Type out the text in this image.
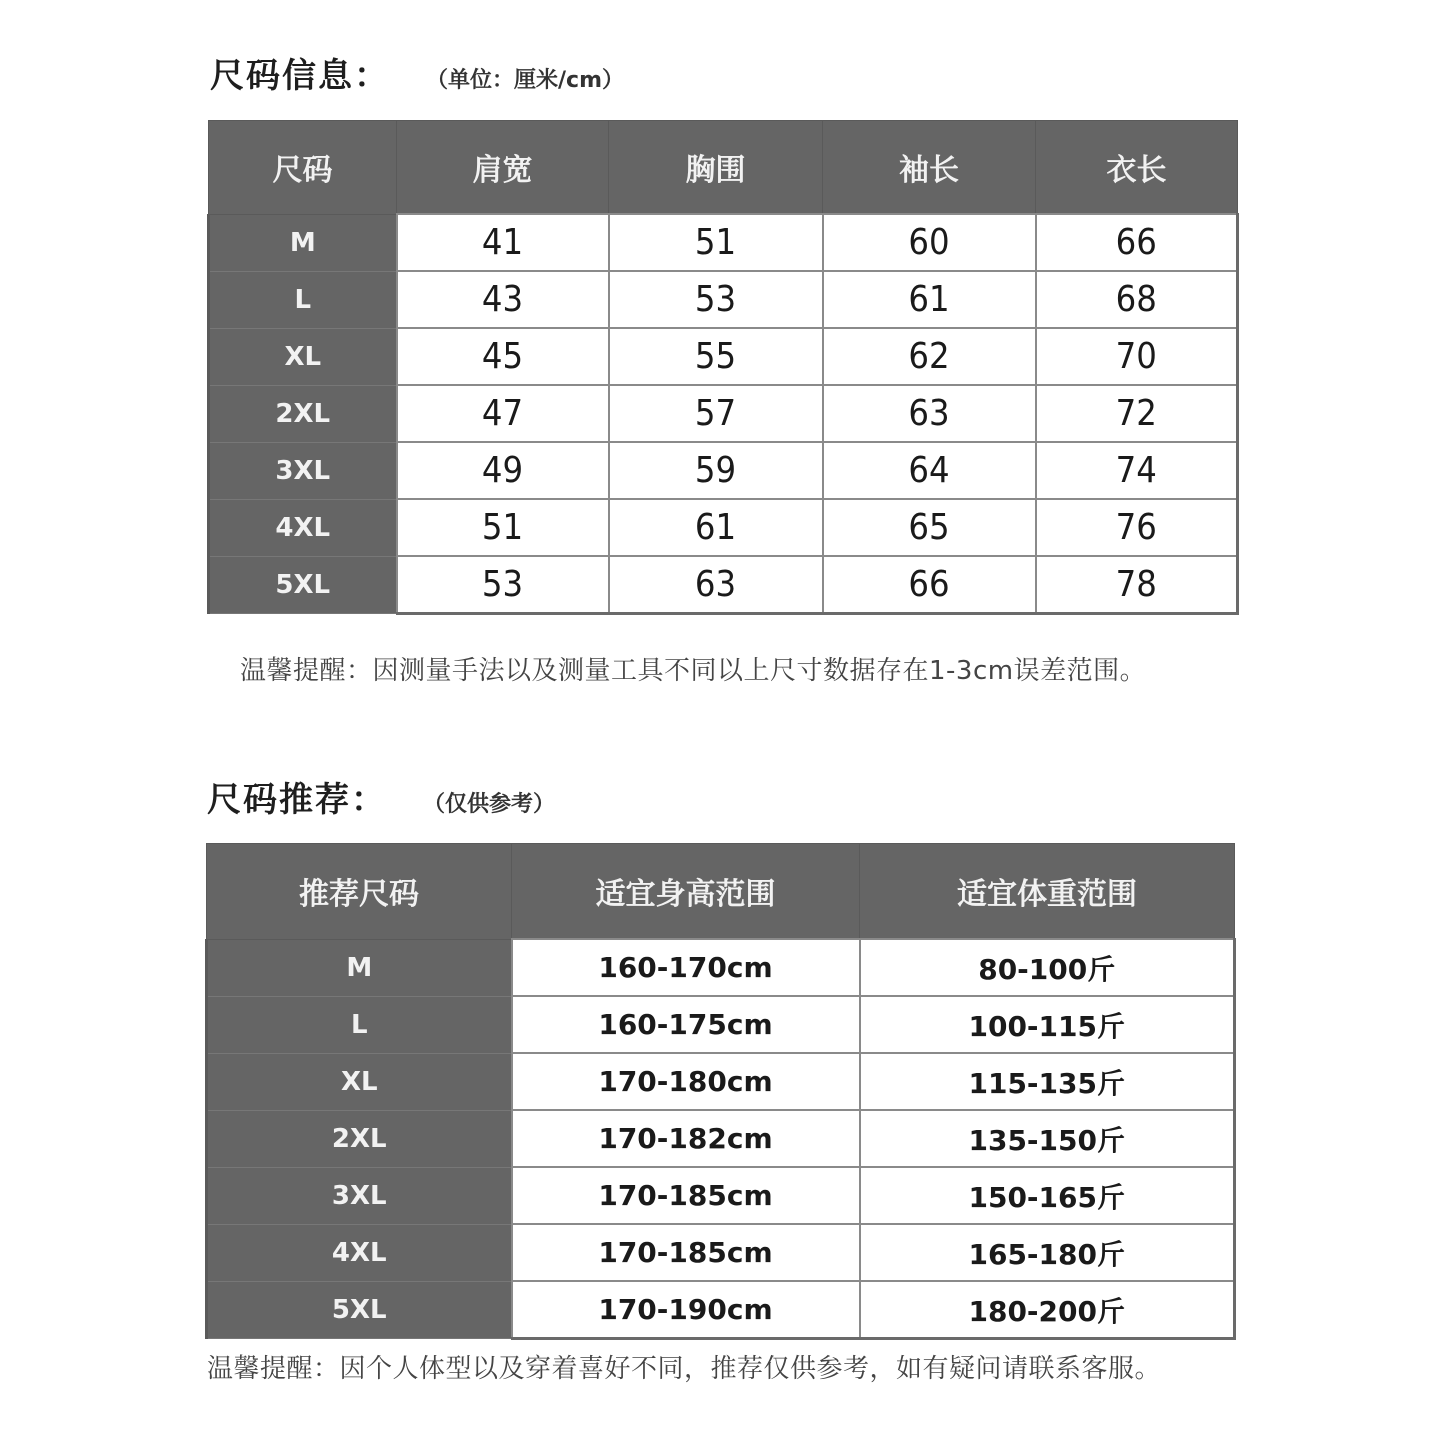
尺码信息： （单位：厘米/cm）
尺码	肩宽	胸围	袖长	衣长
M	41	51	60	66
L	43	53	61	68
XL	45	55	62	70
2XL	47	57	63	72
3XL	49	59	64	74
4XL	51	61	65	76
5XL	53	63	66	78
温馨提醒：因测量手法以及测量工具不同以上尺寸数据存在1-3cm误差范围。
尺码推荐： （仅供参考）
推荐尺码	适宜身高范围	适宜体重范围
M	160-170cm	80-100斤
L	160-175cm	100-115斤
XL	170-180cm	115-135斤
2XL	170-182cm	135-150斤
3XL	170-185cm	150-165斤
4XL	170-185cm	165-180斤
5XL	170-190cm	180-200斤
温馨提醒：因个人体型以及穿着喜好不同，推荐仅供参考，如有疑问请联系客服。
